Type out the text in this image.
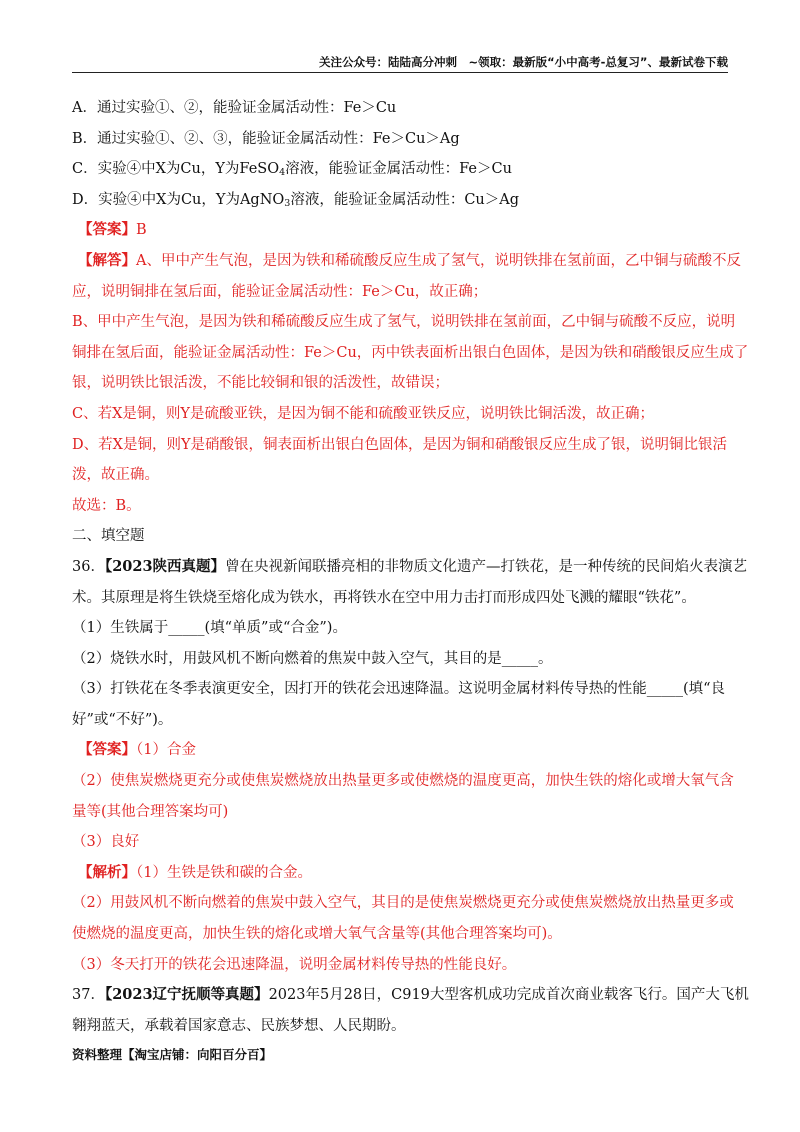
关注公众号：陆陆高分冲刺　~领取：最新版“小中高考-总复习”、最新试卷下载
A．通过实验①、②，能验证金属活动性：Fe＞Cu
B．通过实验①、②、③，能验证金属活动性：Fe＞Cu＞Ag
C．实验④中X为Cu，Y为FeSO$_4$溶液，能验证金属活动性：Fe＞Cu
D．实验④中X为Cu，Y为AgNO$_3$溶液，能验证金属活动性：Cu＞Ag
【答案】B
【解答】A、甲中产生气泡，是因为铁和稀硫酸反应生成了氢气，说明铁排在氢前面，乙中铜与硫酸不反
应，说明铜排在氢后面，能验证金属活动性：Fe＞Cu，故正确；
B、甲中产生气泡，是因为铁和稀硫酸反应生成了氢气，说明铁排在氢前面，乙中铜与硫酸不反应，说明
铜排在氢后面，能验证金属活动性：Fe＞Cu，丙中铁表面析出银白色固体，是因为铁和硝酸银反应生成了
银，说明铁比银活泼，不能比较铜和银的活泼性，故错误；
C、若X是铜，则Y是硫酸亚铁，是因为铜不能和硫酸亚铁反应，说明铁比铜活泼，故正确；
D、若X是铜，则Y是硝酸银，铜表面析出银白色固体，是因为铜和硝酸银反应生成了银，说明铜比银活
泼，故正确。
故选：B。
二、填空题
36．【2023陕西真题】曾在央视新闻联播亮相的非物质文化遗产—打铁花，是一种传统的民间焰火表演艺
术。其原理是将生铁烧至熔化成为铁水，再将铁水在空中用力击打而形成四处飞溅的耀眼“铁花”。
（1）生铁属于_____(填“单质”或“合金”)。
（2）烧铁水时，用鼓风机不断向燃着的焦炭中鼓入空气，其目的是_____。
（3）打铁花在冬季表演更安全，因打开的铁花会迅速降温。这说明金属材料传导热的性能_____(填“良
好”或“不好”)。
【答案】（1）合金
（2）使焦炭燃烧更充分或使焦炭燃烧放出热量更多或使燃烧的温度更高，加快生铁的熔化或增大氧气含
量等(其他合理答案均可)
（3）良好
【解析】（1）生铁是铁和碳的合金。
（2）用鼓风机不断向燃着的焦炭中鼓入空气，其目的是使焦炭燃烧更充分或使焦炭燃烧放出热量更多或
使燃烧的温度更高，加快生铁的熔化或增大氧气含量等(其他合理答案均可)。
（3）冬天打开的铁花会迅速降温，说明金属材料传导热的性能良好。
37．【2023辽宁抚顺等真题】2023年5月28日，C919大型客机成功完成首次商业载客飞行。国产大飞机
翱翔蓝天，承载着国家意志、民族梦想、人民期盼。
资料整理【淘宝店铺：向阳百分百】
